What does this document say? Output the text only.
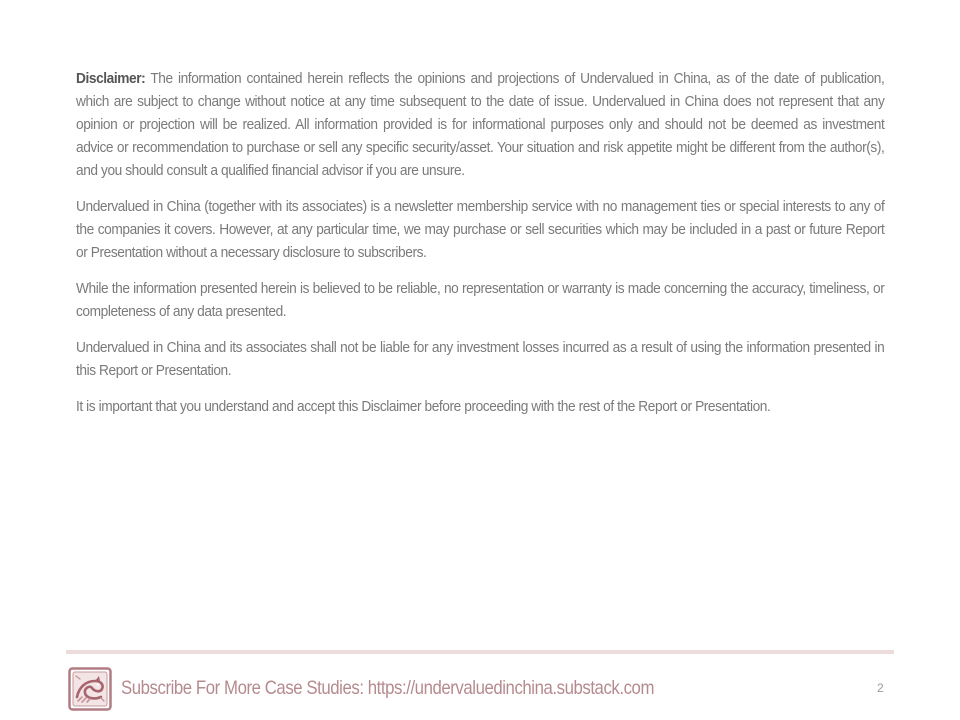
Disclaimer: The information contained herein reflects the opinions and projections of Undervalued in China, as of the date of publication, which are subject to change without notice at any time subsequent to the date of issue. Undervalued in China does not represent that any opinion or projection will be realized. All information provided is for informational purposes only and should not be deemed as investment advice or recommendation to purchase or sell any specific security/asset. Your situation and risk appetite might be different from the author(s), and you should consult a qualified financial advisor if you are unsure.

Undervalued in China (together with its associates) is a newsletter membership service with no management ties or special interests to any of the companies it covers. However, at any particular time, we may purchase or sell securities which may be included in a past or future Report or Presentation without a necessary disclosure to subscribers.

While the information presented herein is believed to be reliable, no representation or warranty is made concerning the accuracy, timeliness, or completeness of any data presented.

Undervalued in China and its associates shall not be liable for any investment losses incurred as a result of using the information presented in this Report or Presentation.

It is important that you understand and accept this Disclaimer before proceeding with the rest of the Report or Presentation.

Subscribe For More Case Studies: https://undervaluedinchina.substack.com	2
